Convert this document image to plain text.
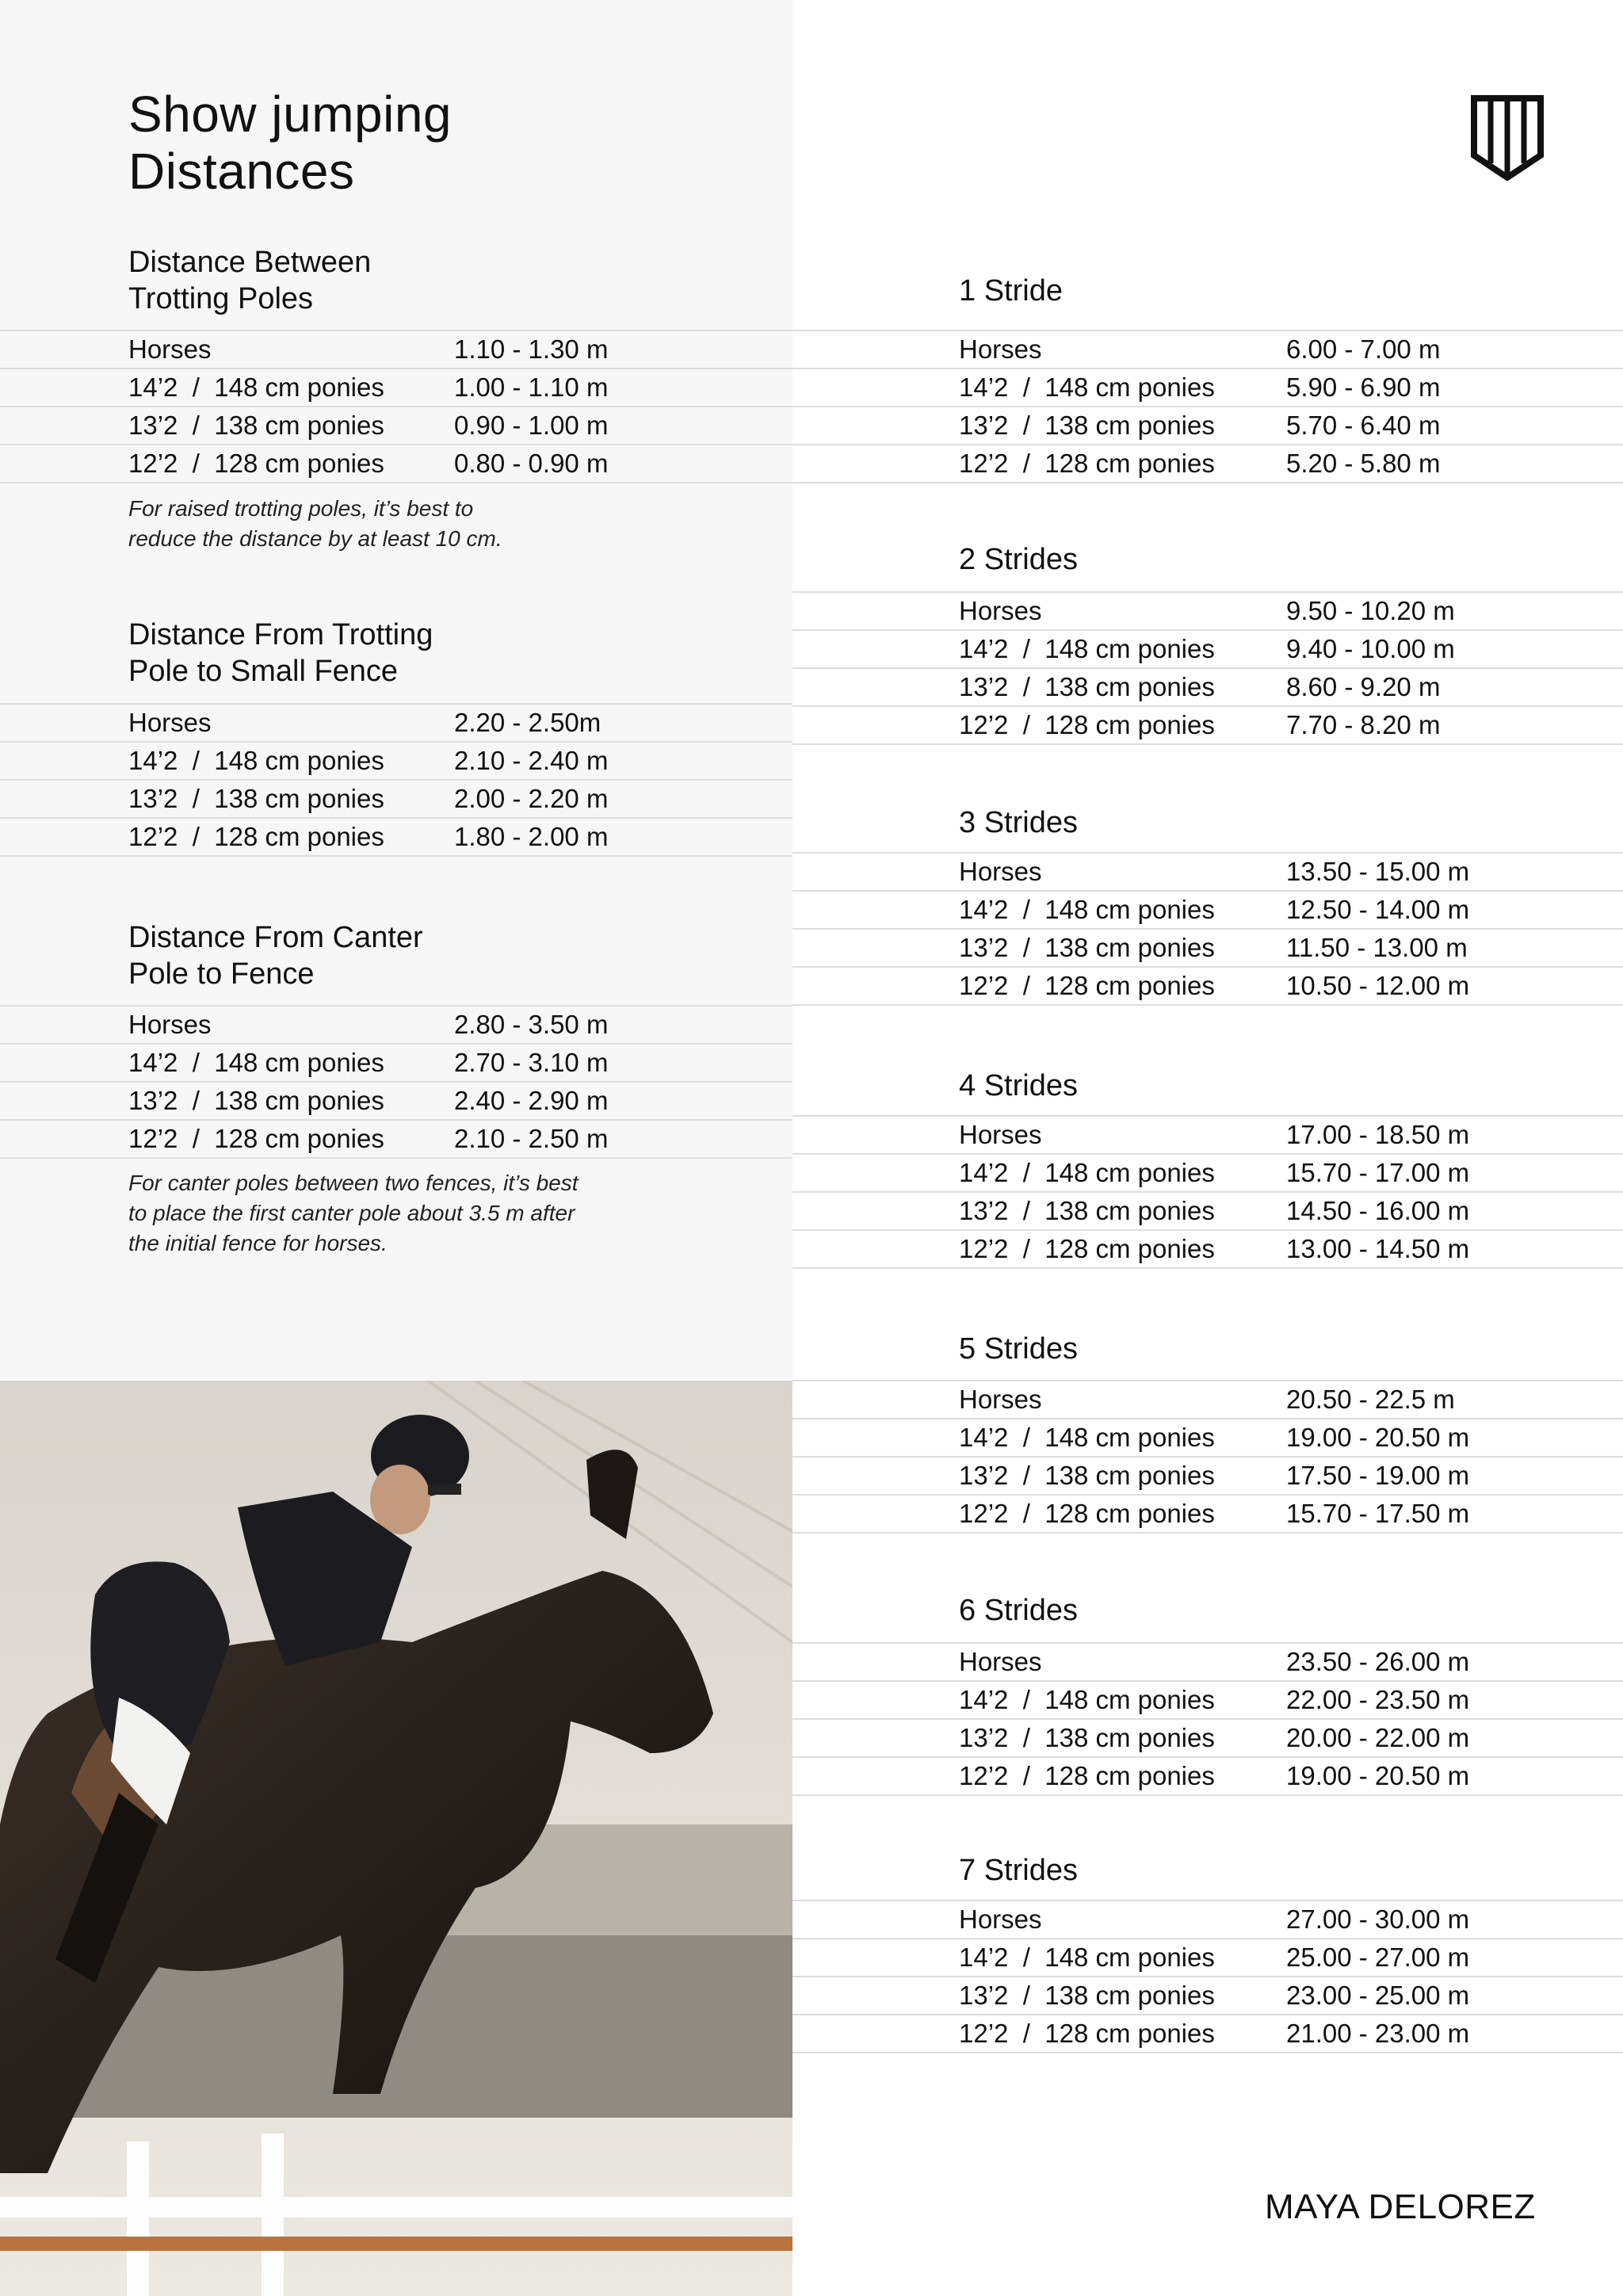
Show jumping
Distances
Distance Between
Trotting Poles
Horses	1.10 - 1.30 m
14’2  /  148 cm ponies	1.00 - 1.10 m
13’2  /  138 cm ponies	0.90 - 1.00 m
12’2  /  128 cm ponies	0.80 - 0.90 m

For raised trotting poles, it’s best to
reduce the distance by at least 10 cm.

Distance From Trotting
Pole to Small Fence
Horses	2.20 - 2.50m
14’2  /  148 cm ponies	2.10 - 2.40 m
13’2  /  138 cm ponies	2.00 - 2.20 m
12’2  /  128 cm ponies	1.80 - 2.00 m
Distance From Canter
Pole to Fence
Horses	2.80 - 3.50 m
14’2  /  148 cm ponies	2.70 - 3.10 m
13’2  /  138 cm ponies	2.40 - 2.90 m
12’2  /  128 cm ponies	2.10 - 2.50 m

For canter poles between two fences, it’s best
to place the first canter pole about 3.5 m after
the initial fence for horses.

1 Stride
Horses	6.00 - 7.00 m
14’2  /  148 cm ponies	5.90 - 6.90 m
13’2  /  138 cm ponies	5.70 - 6.40 m
12’2  /  128 cm ponies	5.20 - 5.80 m
2 Strides
Horses	9.50 - 10.20 m
14’2  /  148 cm ponies	9.40 - 10.00 m
13’2  /  138 cm ponies	8.60 - 9.20 m
12’2  /  128 cm ponies	7.70 - 8.20 m
3 Strides
Horses	13.50 - 15.00 m
14’2  /  148 cm ponies	12.50 - 14.00 m
13’2  /  138 cm ponies	11.50 - 13.00 m
12’2  /  128 cm ponies	10.50 - 12.00 m
4 Strides
Horses	17.00 - 18.50 m
14’2  /  148 cm ponies	15.70 - 17.00 m
13’2  /  138 cm ponies	14.50 - 16.00 m
12’2  /  128 cm ponies	13.00 - 14.50 m
5 Strides
Horses	20.50 - 22.5 m
14’2  /  148 cm ponies	19.00 - 20.50 m
13’2  /  138 cm ponies	17.50 - 19.00 m
12’2  /  128 cm ponies	15.70 - 17.50 m
6 Strides
Horses	23.50 - 26.00 m
14’2  /  148 cm ponies	22.00 - 23.50 m
13’2  /  138 cm ponies	20.00 - 22.00 m
12’2  /  128 cm ponies	19.00 - 20.50 m
7 Strides
Horses	27.00 - 30.00 m
14’2  /  148 cm ponies	25.00 - 27.00 m
13’2  /  138 cm ponies	23.00 - 25.00 m
12’2  /  128 cm ponies	21.00 - 23.00 m
MAYA DELOREZ
